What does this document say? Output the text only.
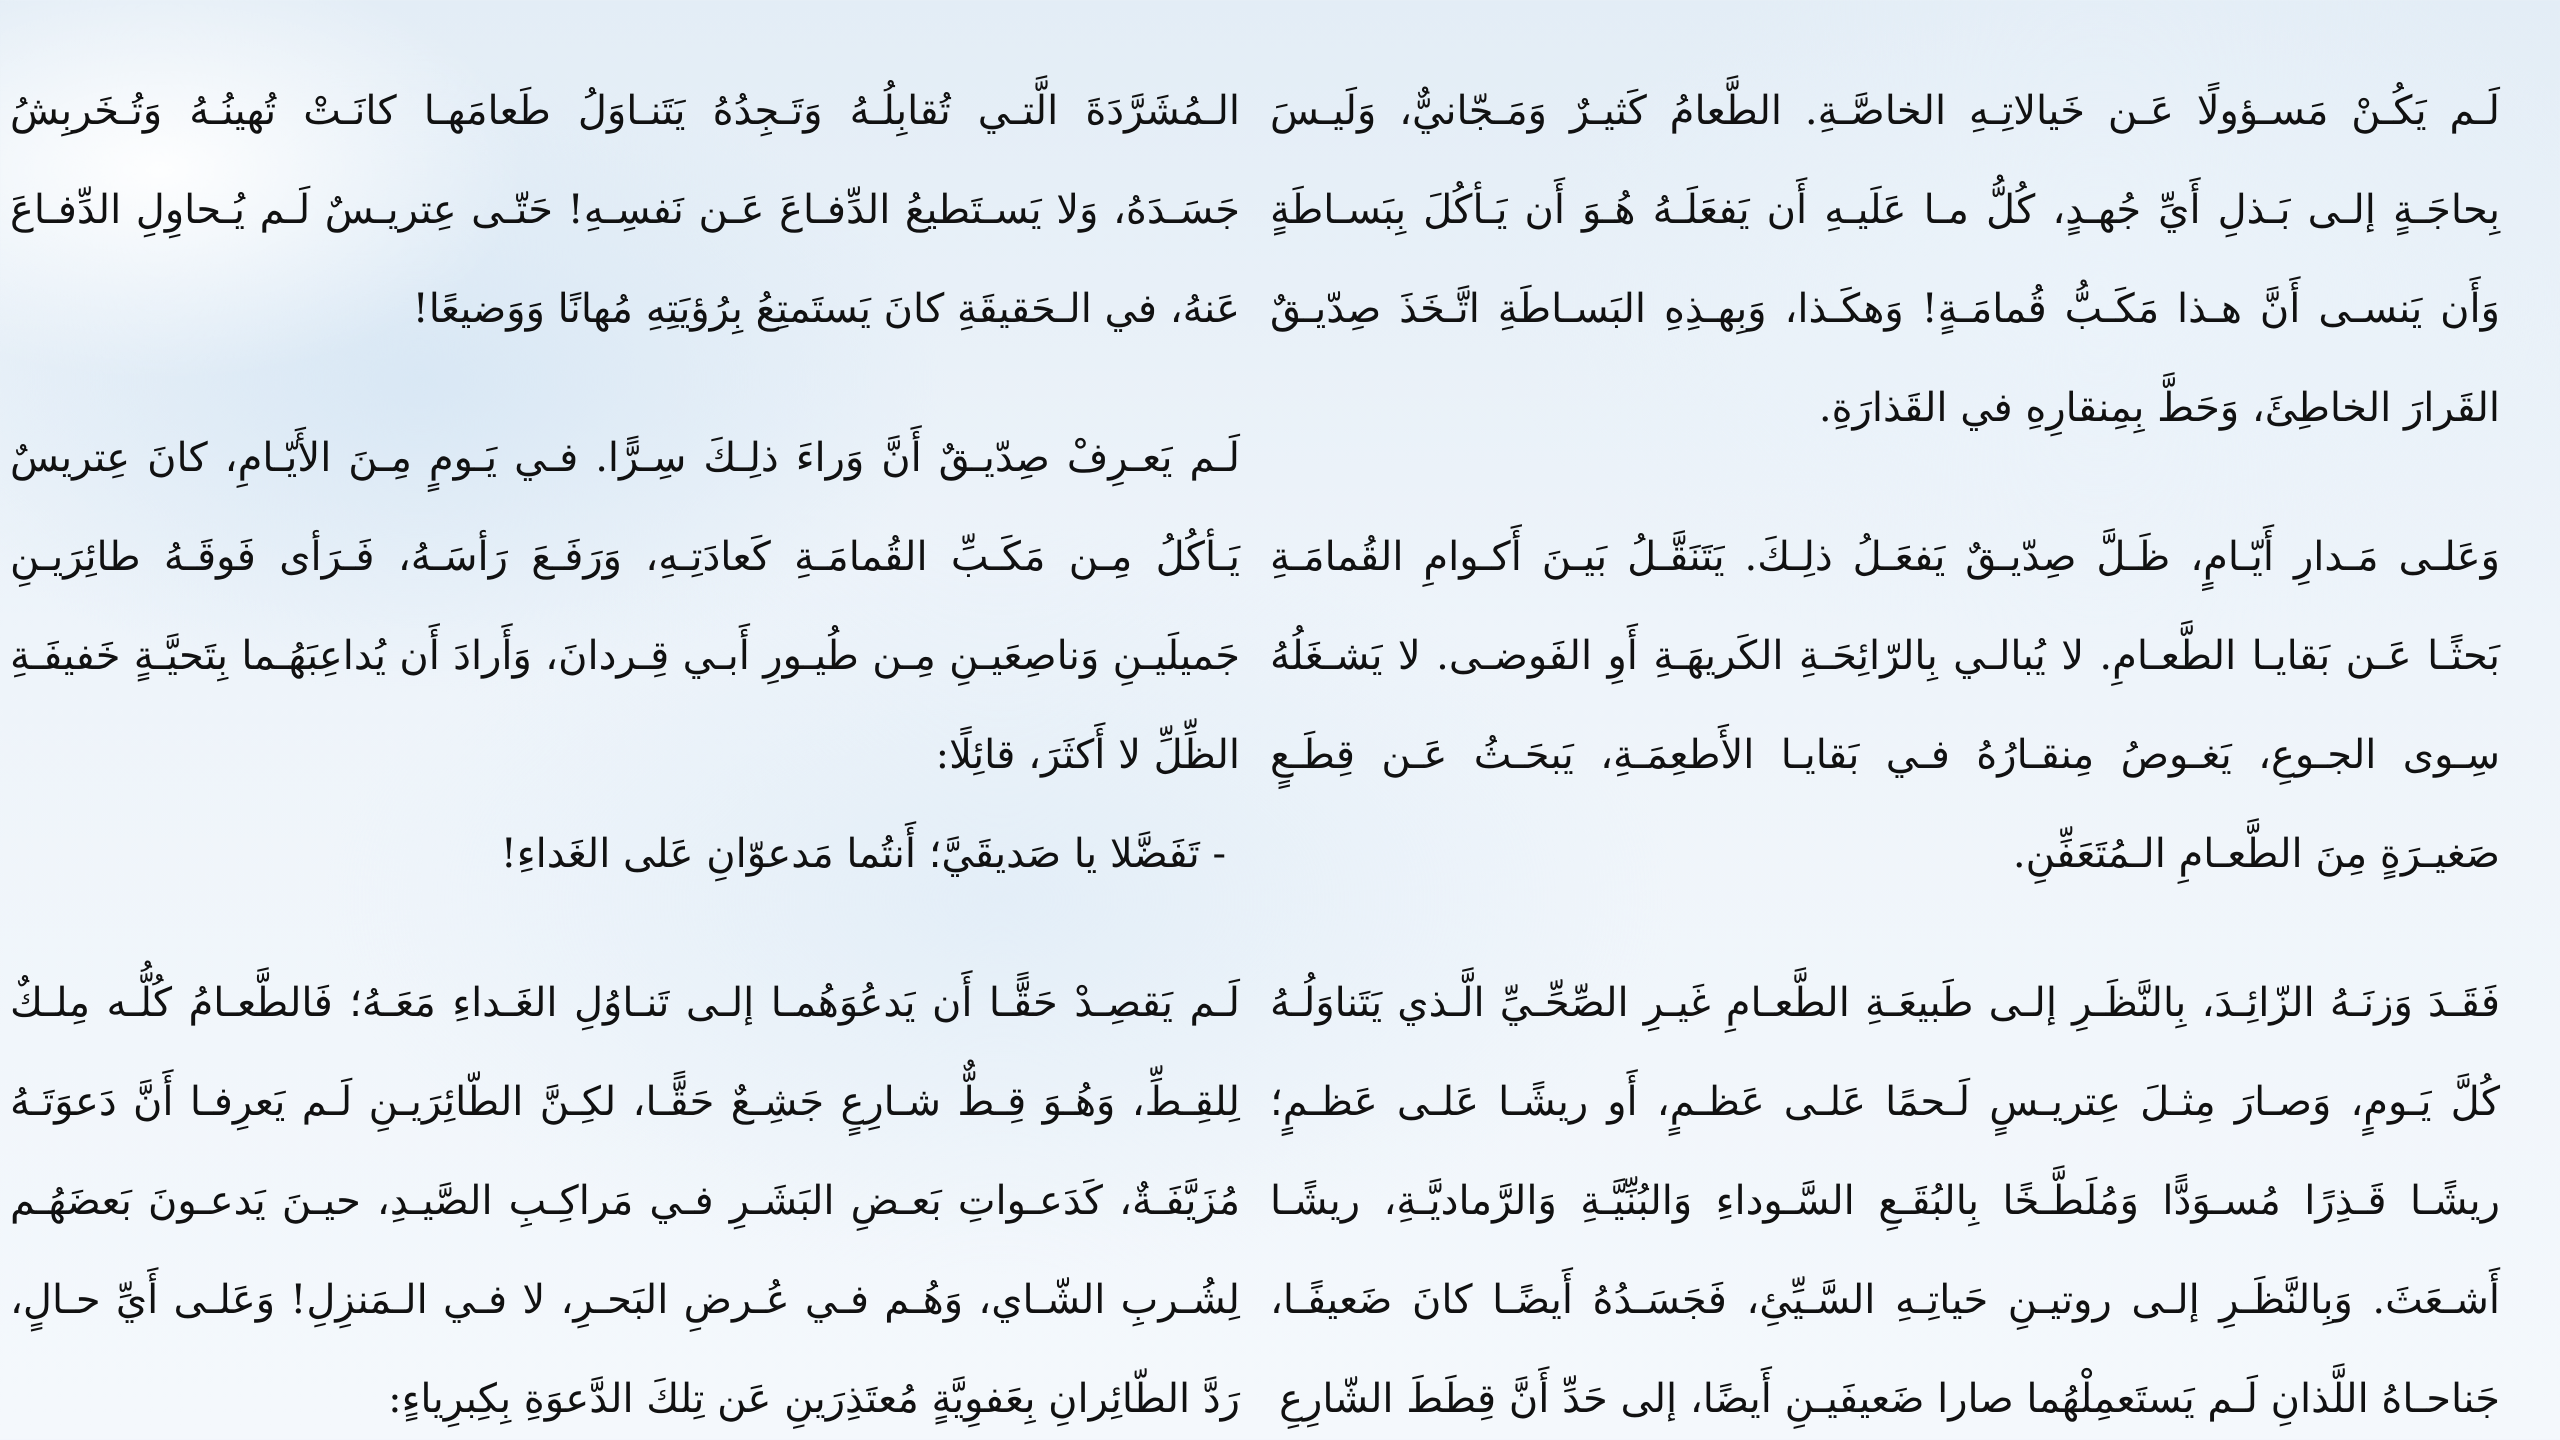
لَـم يَكُـنْ مَسـؤولًا عَـن خَيالاتِـهِ الخاصَّـةِ. الطَّعامُ كَثيـرٌ وَمَـجّانيٌّ، وَلَيـسَ بِحاجَـةٍ إلـى بَـذلِ أَيِّ جُهـدٍ، كُلُّ مـا عَلَيـهِ أَن يَفعَلَـهُ هُـوَ أَن يَـأكُلَ بِبَسـاطَةٍ وَأَن يَنسـى أَنَّ هـذا مَكَـبُّ قُمامَـةٍ! وَهكَـذا، وَبِهـذِهِ البَسـاطَةِ اتَّـخَذَ صِدّيـقٌ القَرارَ الخاطِئَ، وَحَطَّ بِمِنقارِهِ في القَذارَةِ.

وَعَلـى مَـدارِ أَيّـامٍ، ظَـلَّ صِدّيـقٌ يَفعَـلُ ذلِـكَ. يَتَنَقَّـلُ بَيـنَ أَكـوامِ القُمامَـةِ بَحثًـا عَـن بَقايـا الطَّعـامِ. لا يُبالـي بِالرّائِحَـةِ الكَريهَـةِ أَوِ الفَوضـى. لا يَشـغَلُهُ سِـوى الجـوعِ، يَغـوصُ مِنقـارُهُ فـي بَقايـا الأَطعِمَـةِ، يَبحَـثُ عَـن قِطَـعٍ صَغيـرَةٍ مِنَ الطَّعـامِ الـمُتَعَفِّنِ.

فَقَـدَ وَزنَـهُ الزّائِـدَ، بِالنَّظَـرِ إلـى طَبيعَـةِ الطَّعـامِ غَيـرِ الصِّحِّـيِّ الَّـذي يَتَناوَلُـهُ كُلَّ يَـومٍ، وَصـارَ مِثـلَ عِتريـسٍ لَـحمًا عَلـى عَظـمٍ، أَو ريشًـا عَلـى عَظـمٍ؛ ريشًـا قَـذِرًا مُسـوَدًّا وَمُلَطَّـخًا بِالبُقَـعِ السَّـوداءِ وَالبُنِّيَّـةِ وَالرَّماديَّـةِ، ريشًـا أَشـعَثَ. وَبِالنَّظَـرِ إلـى روتيـنِ حَياتِـهِ السَّـيِّئِ، فَجَسَـدُهُ أَيضًـا كانَ ضَعيفًـا، جَناحـاهُ اللَّذانِ لَـم يَستَعمِلْهُما صارا ضَعيفَيـنِ أَيضًا، إلى حَدِّ أَنَّ قِطَطَ الشّارِعِ

الـمُشَرَّدَةَ الَّتـي تُقابِلُـهُ وَتَـجِدُهُ يَتَنـاوَلُ طَعامَهـا كانَـتْ تُهينُـهُ وَتُـخَربِشُ جَسَـدَهُ، وَلا يَسـتَطيعُ الدِّفـاعَ عَـن نَفسِـهِ! حَتّـى عِتريـسٌ لَـم يُـحاوِلِ الدِّفـاعَ عَنهُ، في الـحَقيقَةِ كانَ يَستَمتِعُ بِرُؤيَتِهِ مُهانًا وَوَضيعًا!

لَـم يَعـرِفْ صِدّيـقٌ أَنَّ وَراءَ ذلِـكَ سِـرًّا. فـي يَـومٍ مِـنَ الأَيّـامِ، كانَ عِتريسٌ يَـأكُلُ مِـن مَكَـبِّ القُمامَـةِ كَعادَتِـهِ، وَرَفَـعَ رَأسَـهُ، فَـرَأى فَوقَـهُ طائِرَيـنِ جَميلَيـنِ وَناصِعَيـنِ مِـن طُيـورِ أَبـي قِـردانَ، وَأَرادَ أَن يُداعِبَهُـما بِتَحيَّـةٍ خَفيفَـةِ الظِّلِّ لا أَكثَرَ، قائِلًا:

- تَفَضَّلا يا صَديقَيَّ؛ أَنتُما مَدعوّانِ عَلى الغَداءِ!

لَـم يَقصِـدْ حَقًّـا أَن يَدعُوَهُمـا إلـى تَنـاوُلِ الغَـداءِ مَعَـهُ؛ فَالطَّعـامُ كُلُّـه مِلـكٌ لِلقِـطِّ، وَهُـوَ قِـطٌّ شـارِعٍ جَشِـعٌ حَقًّـا، لكِـنَّ الطّائِرَيـنِ لَـم يَعرِفـا أَنَّ دَعوَتَـهُ مُزَيَّفَـةٌ، كَدَعـواتِ بَعـضِ البَشَـرِ فـي مَراكِـبِ الصَّيـدِ، حيـنَ يَدعـونَ بَعضَهُـم لِشُـربِ الشّـاي، وَهُـم فـي عُـرضِ البَحـرِ، لا فـي الـمَنزِلِ! وَعَلـى أَيِّ حـالٍ، رَدَّ الطّائِرانِ بِعَفوِيَّةٍ مُعتَذِرَينِ عَن تِلكَ الدَّعوَةِ بِكِبرِياءٍ:
